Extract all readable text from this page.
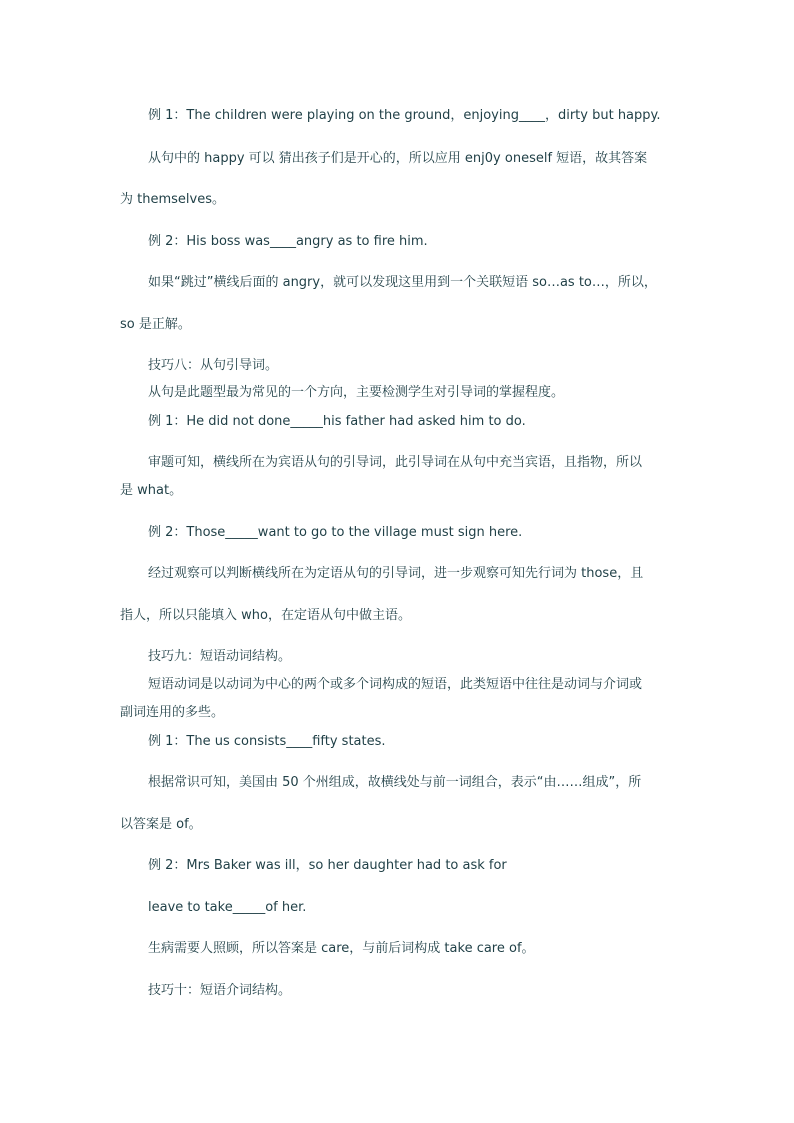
例 1：The children were playing on the ground，enjoying____，dirty but happy.
从句中的 happy 可以 猜出孩子们是开心的，所以应用 enj0y oneself 短语，故其答案
为 themselves。
例 2：His boss was____angry as to fire him.
如果“跳过”横线后面的 angry，就可以发现这里用到一个关联短语 so…as to…，所以，
so 是正解。
技巧八：从句引导词。
从句是此题型最为常见的一个方向，主要检测学生对引导词的掌握程度。
例 1：He did not done_____his father had asked him to do.
审题可知，横线所在为宾语从句的引导词，此引导词在从句中充当宾语，且指物，所以
是 what。
例 2：Those_____want to go to the village must sign here.
经过观察可以判断横线所在为定语从句的引导词，进一步观察可知先行词为 those，且
指人，所以只能填入 who，在定语从句中做主语。
技巧九：短语动词结构。
短语动词是以动词为中心的两个或多个词构成的短语，此类短语中往往是动词与介词或
副词连用的多些。
例 1：The us consists____fifty states.
根据常识可知，美国由 50 个州组成，故横线处与前一词组合，表示“由……组成”，所
以答案是 of。
例 2：Mrs Baker was ill，so her daughter had to ask for
leave to take_____of her.
生病需要人照顾，所以答案是 care，与前后词构成 take care of。
技巧十：短语介词结构。
